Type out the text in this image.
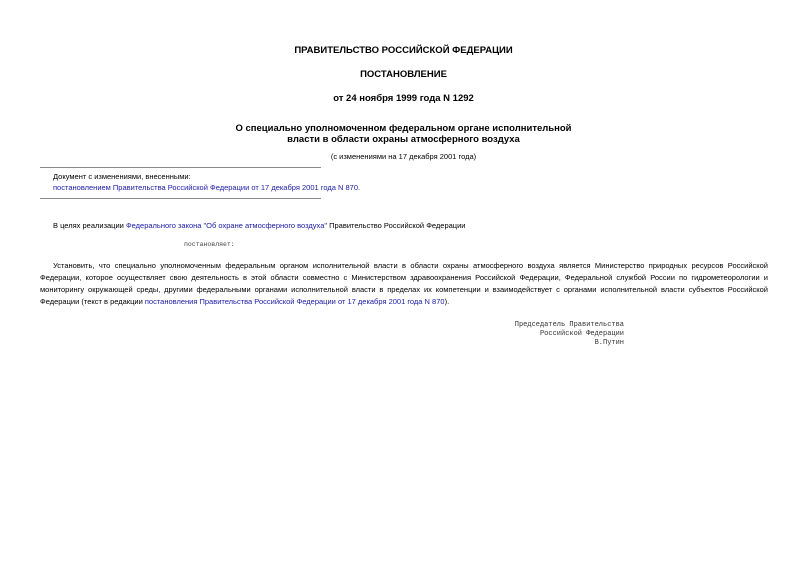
ПРАВИТЕЛЬСТВО РОССИЙСКОЙ ФЕДЕРАЦИИ
ПОСТАНОВЛЕНИЕ
от 24 ноября 1999 года N 1292
О специально уполномоченном федеральном органе исполнительной
власти в области охраны атмосферного воздуха
(с изменениями на 17 декабря 2001 года)
Документ с изменениями, внесенными:
постановлением Правительства Российской Федерации от 17 декабря 2001 года N 870.
В целях реализации Федерального закона "Об охране атмосферного воздуха" Правительство Российской Федерации
постановляет:
Установить, что специально уполномоченным федеральным органом исполнительной власти в области охраны атмосферного воздуха является Министерство природных ресурсов Российской Федерации, которое осуществляет свою деятельность в этой области совместно с Министерством здравоохранения Российской Федерации, Федеральной службой России по гидрометеорологии и мониторингу окружающей среды, другими федеральными органами исполнительной власти в пределах их компетенции и взаимодействует с органами исполнительной власти субъектов Российской Федерации (текст в редакции постановления Правительства Российской Федерации от 17 декабря 2001 года N 870).
Председатель Правительства
Российской Федерации
В.Путин
